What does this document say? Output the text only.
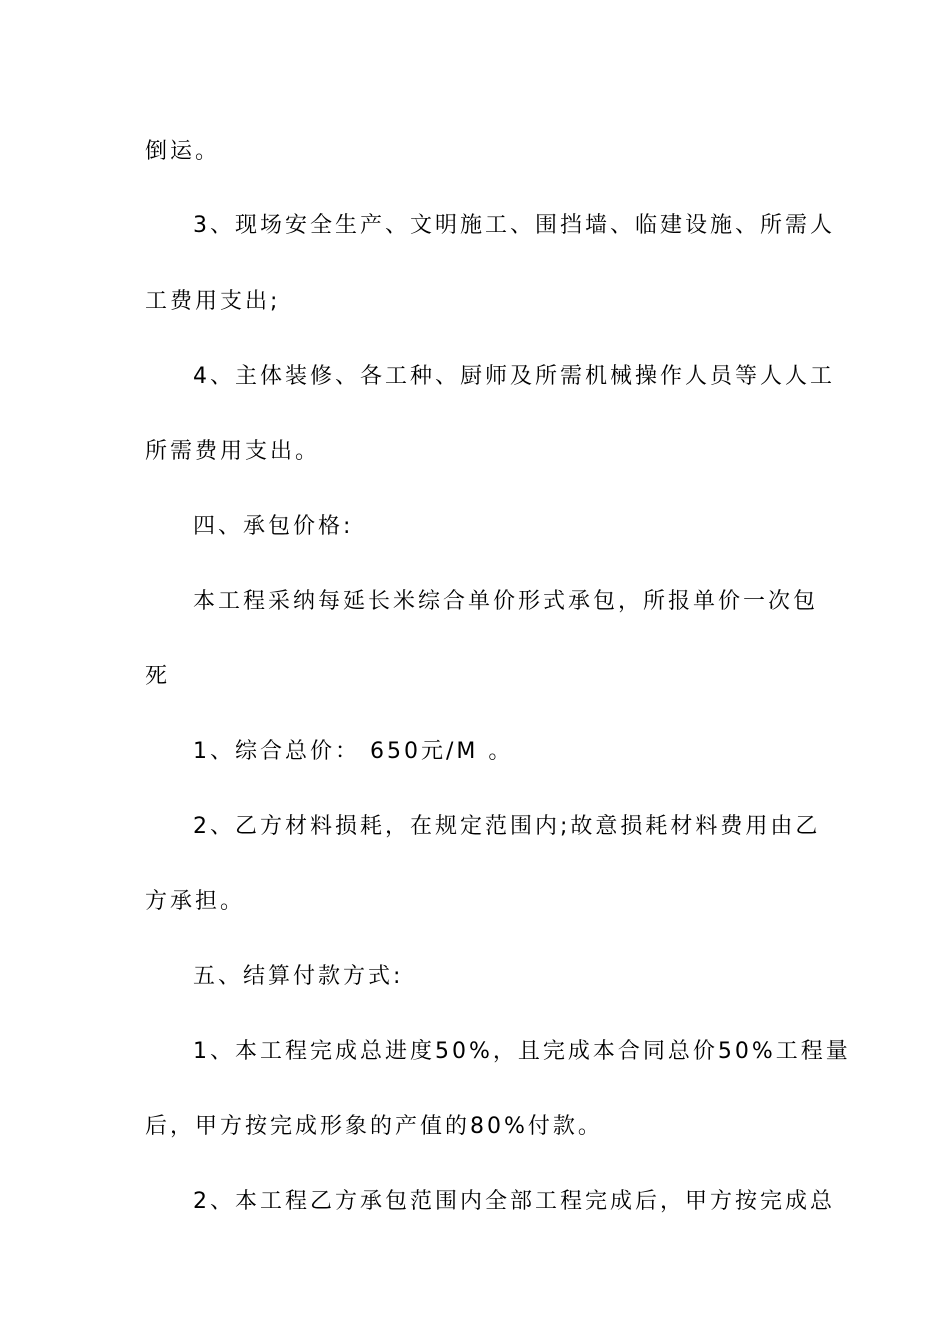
倒运。
3、现场安全生产、文明施工、围挡墙、临建设施、所需人
工费用支出;
4、主体装修、各工种、厨师及所需机械操作人员等人人工
所需费用支出。
四、承包价格:
本工程采纳每延长米综合单价形式承包，所报单价一次包
死
1、综合总价： 650元/M 。
2、乙方材料损耗，在规定范围内;故意损耗材料费用由乙
方承担。
五、结算付款方式:
1、本工程完成总进度50%，且完成本合同总价50%工程量
后，甲方按完成形象的产值的80%付款。
2、本工程乙方承包范围内全部工程完成后，甲方按完成总
